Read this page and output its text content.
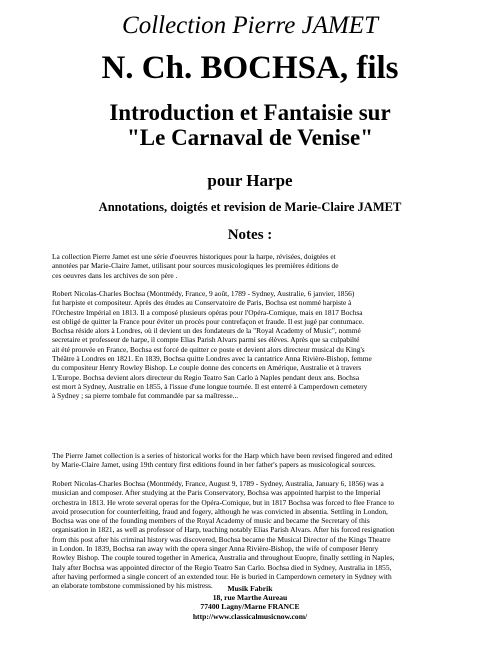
Collection Pierre JAMET
N. Ch. BOCHSA, fils
Introduction et Fantaisie sur
"Le Carnaval de Venise"
pour Harpe
Annotations, doigtés et revision de Marie-Claire JAMET
Notes :
La collection Pierre Jamet est une série d'oeuvres historiques pour la harpe, révisées, doigtées et
annotées par Marie-Claire Jamet, utilisant pour sources musicologiques les premières éditions de
ces oeuvres dans les archives de son père .
Robert Nicolas-Charles Bochsa (Montmédy, France, 9 août, 1789 - Sydney, Australie, 6 janvier, 1856)
fut harpiste et compositeur. Après des études au Conservatoire de Paris, Bochsa est nommé harpiste à
l'Orchestre Impérial en 1813. Il a composé plusieurs opéras pour l'Opéra-Comique, mais en 1817 Bochsa
est obligé de quitter la France pour éviter un procès pour contrefaçon et fraude. Il est jugé par contumace.
Bochsa réside alors à Londres, où il devient un des fondateurs de la "Royal Academy of Music", nommé
secretaire et professeur de harpe, il compte Elias Parish Alvars parmi ses élèves. Après que sa culpabilté
ait été prouvée en France, Bochsa est forcé de quitter ce poste et devient alors directeur musical du King's
Théâtre à Londres en 1821. En 1839, Bochsa quitte Londres avec la cantatrice Anna Rivière-Bishop, femme
du compositeur Henry Rowley Bishop. Le couple donne des concerts en Amérique, Australie et à travers
L'Europe. Bochsa devient alors directeur du Regio Teatro San Carlo à Naples pendant deux ans. Bochsa
est mort à Sydney, Australie en 1855, à l'issue d'une longue tournée. Il est enterré à Camperdown cemetery
à Sydney ; sa pierre tombale fut commandée par sa maîtresse...
The Pierre Jamet collection is a series of historical works for the Harp which have been revised fingered and edited
by Marie-Claire Jamet, using 19th century first editions found in her father's papers as musicological sources.
Robert Nicolas-Charles Bochsa (Montmédy, France, August 9, 1789 - Sydney, Australia, January 6, 1856) was a
musician and composer. After studying at the Paris Conservatory, Bochsa was appointed harpist to the Imperial
orchestra in 1813. He wrote several operas for the Opéra-Comique, but in 1817 Bochsa was forced to flee France to
avoid prosecution for counterfeiting, fraud and fogery, although he was convicted in absentia. Settling in London,
Bochsa was one of the founding members of the Royal Academy of music and became the Secretary of this
organisation in 1821, as well as professor of Harp, teaching notably Elias Parish Alvars. After his forced resignation
from this post after his criminal history was discovered, Bochsa became the Musical Director of the Kings Theatre
in London. In 1839, Bochsa ran away with the opera singer Anna Rivière-Bishop, the wife of composer Henry
Rowley Bishop. The couple toured together in America, Australia and throughout Euopre, finally settling in Naples,
Italy after Bochsa was appointed director of the Regio Teatro San Carlo. Bochsa died in Sydney, Australia in 1855,
after having performed a single concert of an extended tour. He is buried in Camperdown cemetery in Sydney with
an elaborate tombstone commissioned by his mistress.	Musik Fabrik
18, rue Marthe Aureau
77400 Lagny/Marne FRANCE
http://www.classicalmusicnow.com/
